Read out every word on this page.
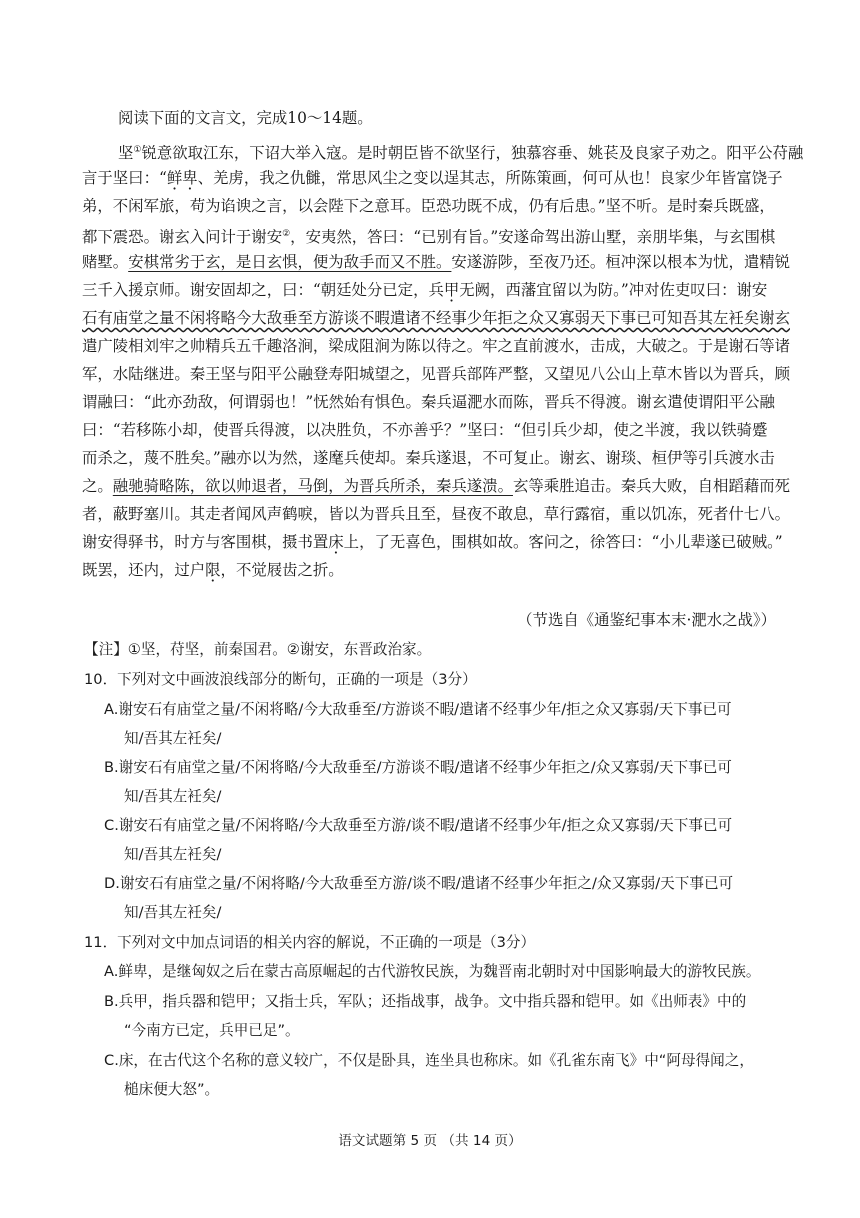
阅读下面的文言文，完成10～14题。
坚①锐意欲取江东，下诏大举入寇。是时朝臣皆不欲坚行，独慕容垂、姚苌及良家子劝之。阳平公苻融
言于坚曰：“鲜卑、羌虏，我之仇雠，常思风尘之变以逞其志，所陈策画，何可从也！良家少年皆富饶子
弟，不闲军旅，苟为谄谀之言，以会陛下之意耳。臣恐功既不成，仍有后患。”坚不听。是时秦兵既盛，
都下震恐。谢玄入问计于谢安②，安夷然，答曰：“已别有旨。”安遂命驾出游山墅，亲朋毕集，与玄围棋
赌墅。安棋常劣于玄，是日玄惧，便为敌手而又不胜。安遂游陟，至夜乃还。桓冲深以根本为忧，遣精锐
三千入援京师。谢安固却之，曰：“朝廷处分已定，兵甲无阙，西藩宜留以为防。”冲对佐吏叹曰：谢安
石有庙堂之量不闲将略今大敌垂至方游谈不暇遣诸不经事少年拒之众又寡弱天下事已可知吾其左衽矣谢玄
遣广陵相刘牢之帅精兵五千趣洛涧，梁成阻涧为陈以待之。牢之直前渡水，击成，大破之。于是谢石等诸
军，水陆继进。秦王坚与阳平公融登寿阳城望之，见晋兵部阵严整，又望见八公山上草木皆以为晋兵，顾
谓融曰：“此亦劲敌，何谓弱也！”怃然始有惧色。秦兵逼淝水而陈，晋兵不得渡。谢玄遣使谓阳平公融
曰：“若移陈小却，使晋兵得渡，以决胜负，不亦善乎？”坚曰：“但引兵少却，使之半渡，我以铁骑蹙
而杀之，蔑不胜矣。”融亦以为然，遂麾兵使却。秦兵遂退，不可复止。谢玄、谢琰、桓伊等引兵渡水击
之。融驰骑略陈，欲以帅退者，马倒，为晋兵所杀，秦兵遂溃。玄等乘胜追击。秦兵大败，自相蹈藉而死
者，蔽野塞川。其走者闻风声鹤唳，皆以为晋兵且至，昼夜不敢息，草行露宿，重以饥冻，死者什七八。
谢安得驿书，时方与客围棋，摄书置床上，了无喜色，围棋如故。客问之，徐答曰：“小儿辈遂已破贼。”
既罢，还内，过户限，不觉屐齿之折。
（节选自《通鉴纪事本末·淝水之战》）
【注】①坚，苻坚，前秦国君。②谢安，东晋政治家。
10．下列对文中画波浪线部分的断句，正确的一项是（3分）
A.谢安石有庙堂之量/不闲将略/今大敌垂至/方游谈不暇/遣诸不经事少年/拒之众又寡弱/天下事已可
知/吾其左衽矣/
B.谢安石有庙堂之量/不闲将略/今大敌垂至/方游谈不暇/遣诸不经事少年拒之/众又寡弱/天下事已可
知/吾其左衽矣/
C.谢安石有庙堂之量/不闲将略/今大敌垂至方游/谈不暇/遣诸不经事少年/拒之众又寡弱/天下事已可
知/吾其左衽矣/
D.谢安石有庙堂之量/不闲将略/今大敌垂至方游/谈不暇/遣诸不经事少年拒之/众又寡弱/天下事已可
知/吾其左衽矣/
11．下列对文中加点词语的相关内容的解说，不正确的一项是（3分）
A.鲜卑，是继匈奴之后在蒙古高原崛起的古代游牧民族，为魏晋南北朝时对中国影响最大的游牧民族。
B.兵甲，指兵器和铠甲；又指士兵，军队；还指战事，战争。文中指兵器和铠甲。如《出师表》中的
“今南方已定，兵甲已足”。
C.床，在古代这个名称的意义较广，不仅是卧具，连坐具也称床。如《孔雀东南飞》中“阿母得闻之，
槌床便大怒”。
语文试题第 5 页 （共 14 页）
